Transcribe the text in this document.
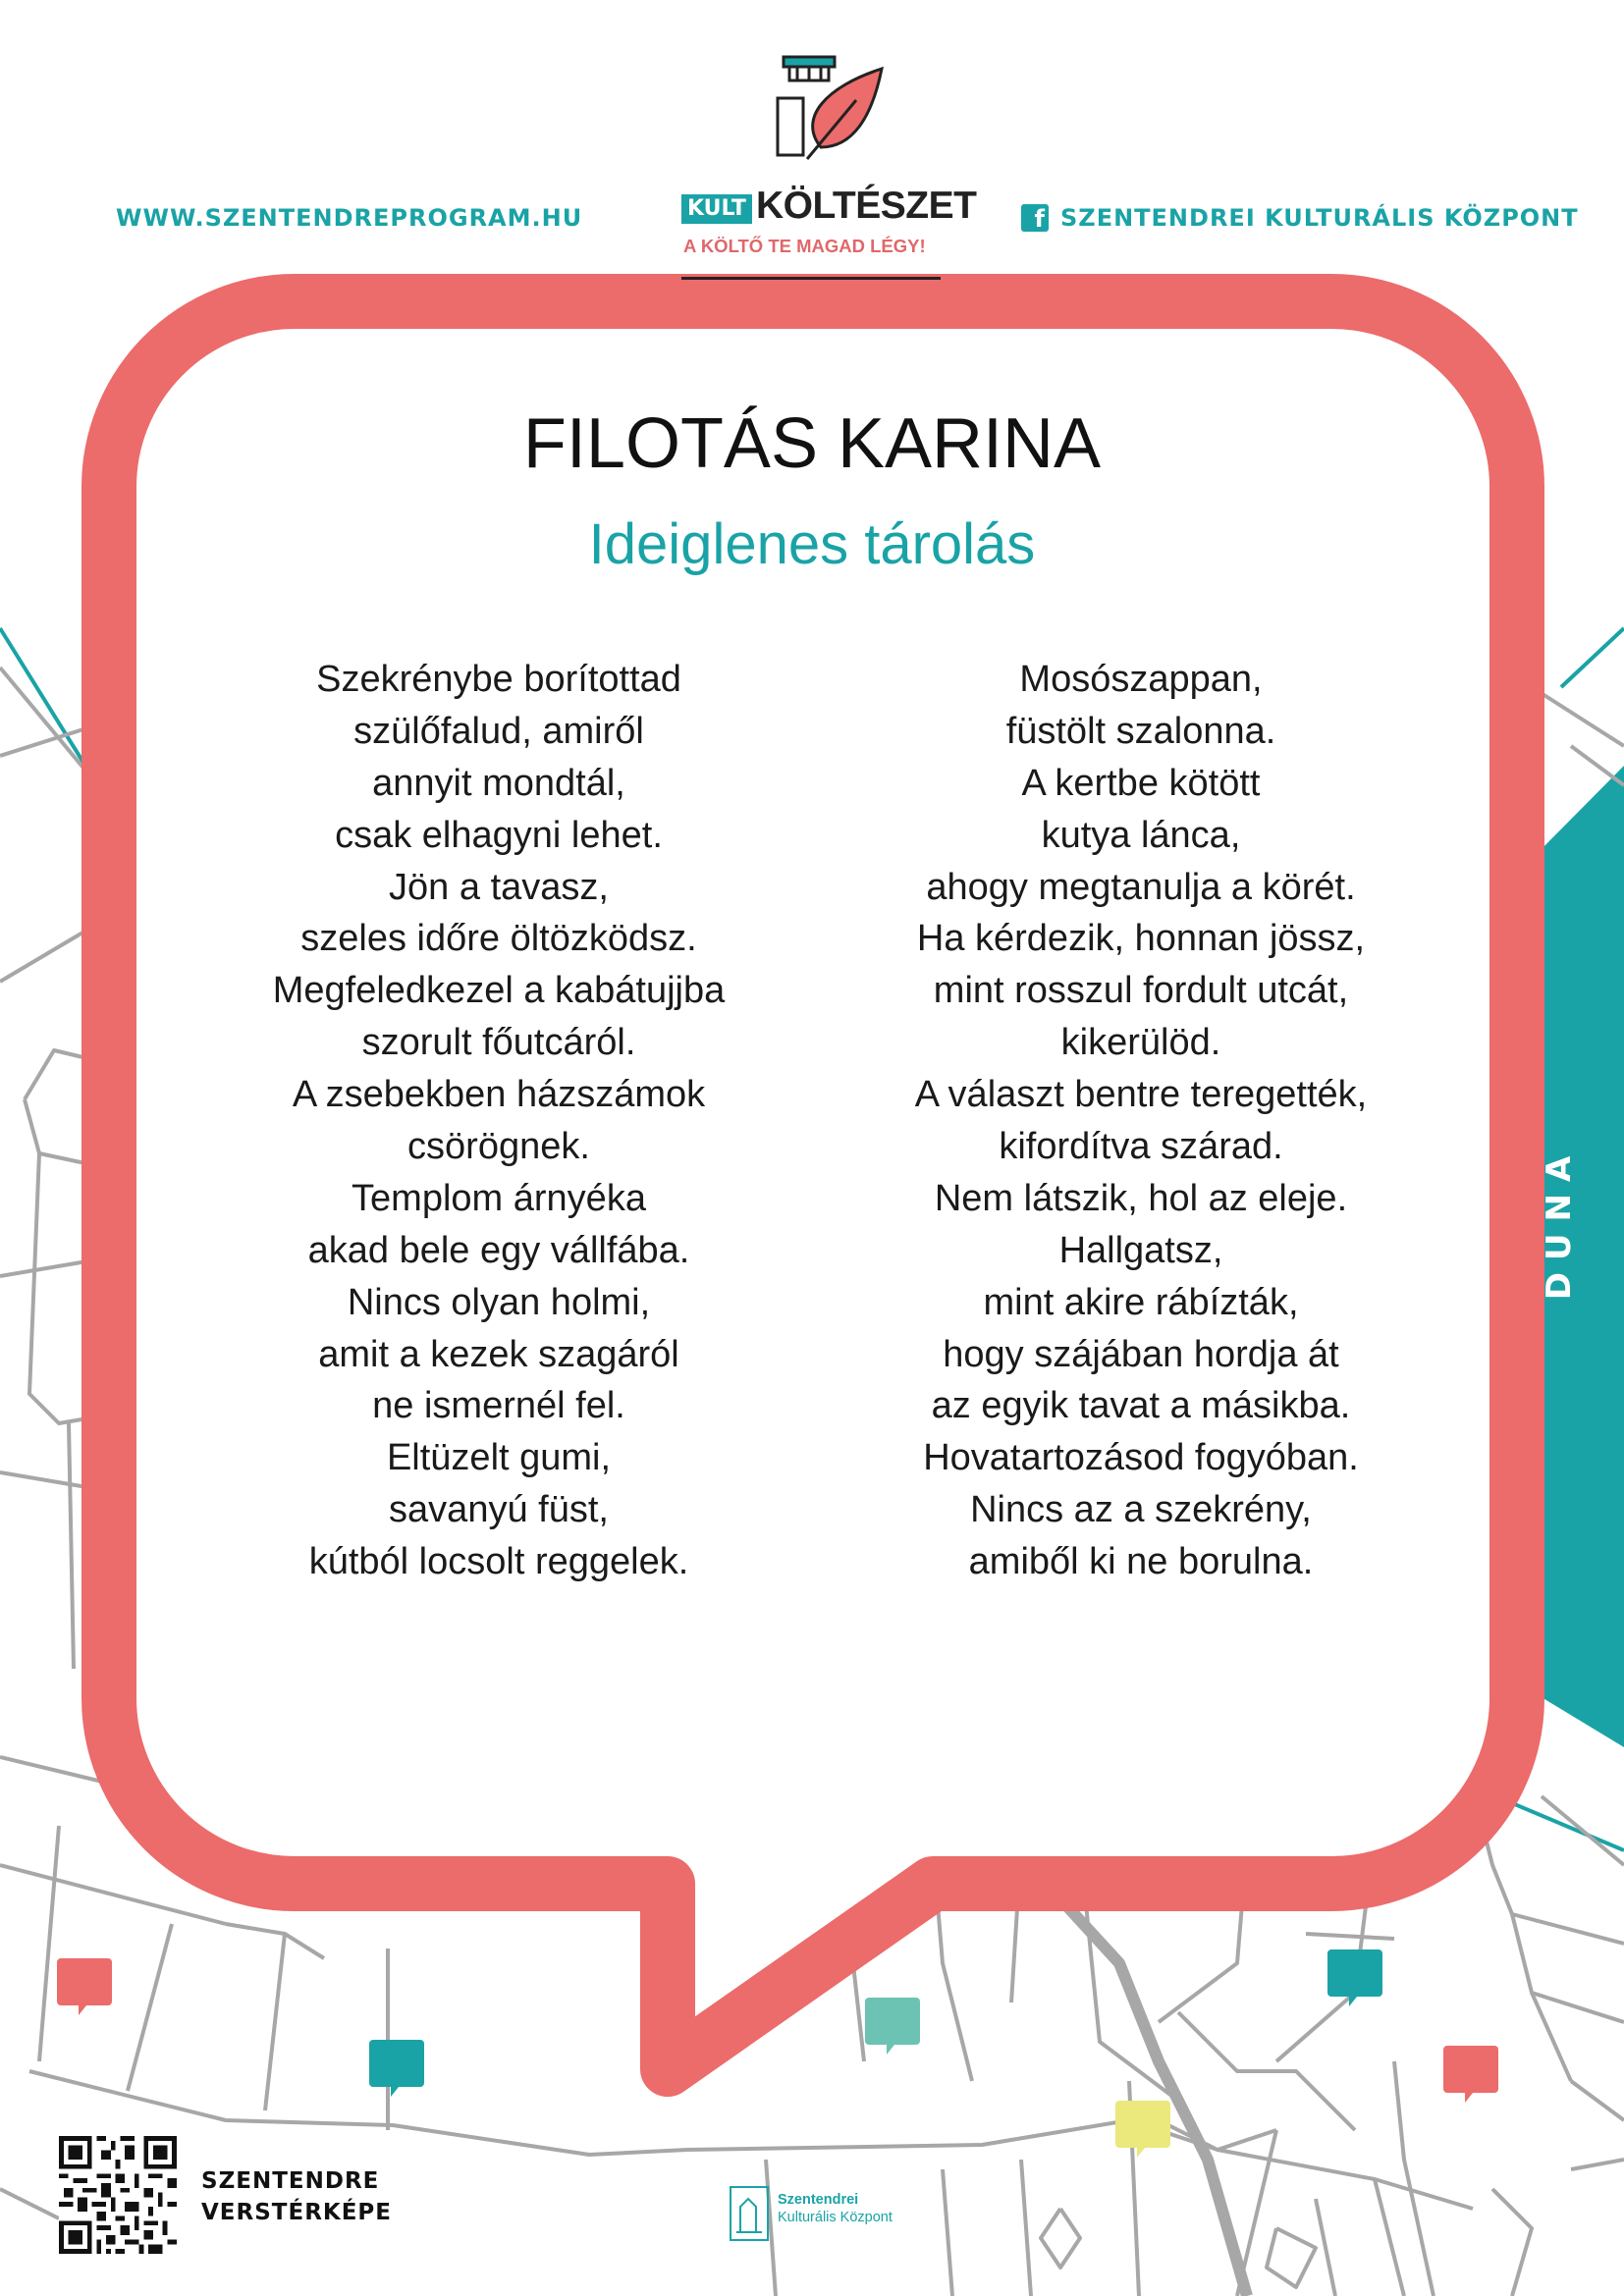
WWW.SZENTENDREPROGRAM.HU	f SZENTENDREI KULTURÁLIS KÖZPONT
KULT KÖLTÉSZET
A KÖLTŐ TE MAGAD LÉGY!
FILOTÁS KARINA
Ideiglenes tárolás
Szekrénybe borítottad
szülőfalud, amiről
annyit mondtál,
csak elhagyni lehet.
Jön a tavasz,
szeles időre öltözködsz.
Megfeledkezel a kabátujjba
szorult főutcáról.
A zsebekben házszámok
csörögnek.
Templom árnyéka
akad bele egy vállfába.
Nincs olyan holmi,
amit a kezek szagáról
ne ismernél fel.
Eltüzelt gumi,
savanyú füst,
kútból locsolt reggelek.
Mosószappan,
füstölt szalonna.
A kertbe kötött
kutya lánca,
ahogy megtanulja a körét.
Ha kérdezik, honnan jössz,
mint rosszul fordult utcát,
kikerülöd.
A választ bentre teregették,
kifordítva szárad.
Nem látszik, hol az eleje.
Hallgatsz,
mint akire rábízták,
hogy szájában hordja át
az egyik tavat a másikba.
Hovatartozásod fogyóban.
Nincs az a szekrény,
amiből ki ne borulna.
DUNA
SZENTENDRE
VERSTÉRKÉPE	Szentendrei
Kulturális Központ
